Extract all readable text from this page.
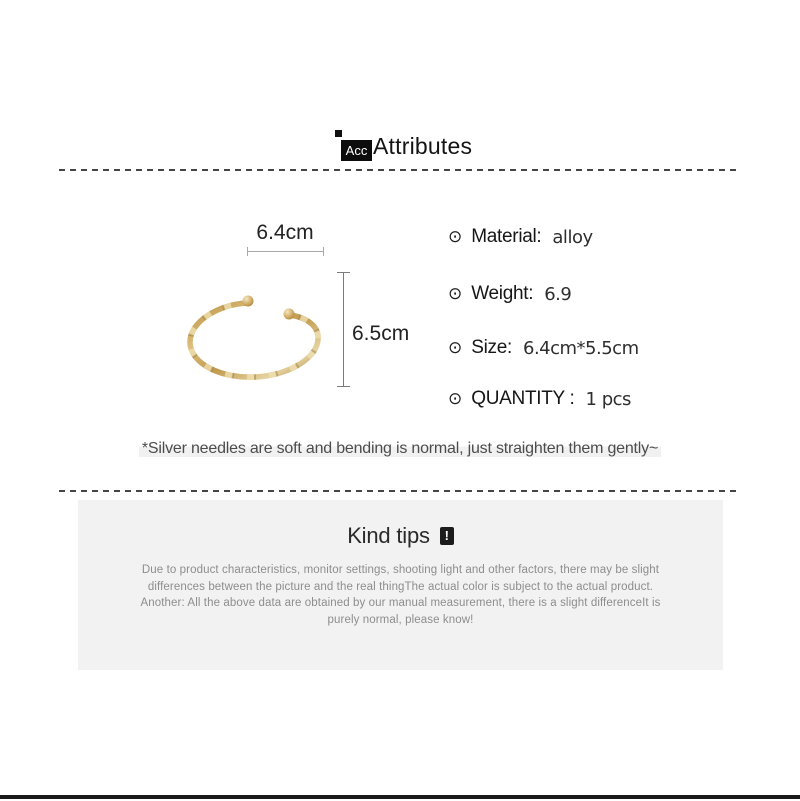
Acc Attributes
6.4cm
6.5cm
⊙ Material: alloy
⊙ Weight: 6.9
⊙ Size: 6.4cm*5.5cm
⊙ QUANTITY : 1 pcs
*Silver needles are soft and bending is normal, just straighten them gently~
Kind tips	!
Due to product characteristics, monitor settings, shooting light and other factors, there may be slight
differences between the picture and the real thingThe actual color is subject to the actual product.
Another: All the above data are obtained by our manual measurement, there is a slight differenceIt is
purely normal, please know!
